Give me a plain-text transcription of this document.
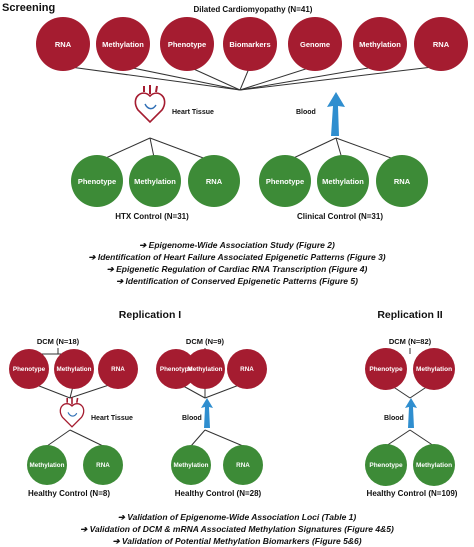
Screening	Dilated Cardiomyopathy (N=41)
RNA	Methylation	Phenotype	Biomarkers	Genome	Methylation	RNA
Heart Tissue	Blood
Phenotype Methylation	RNA
HTX Control (N=31)
Phenotype Methylation	RNA
Clinical Control (N=31)
➔ Epigenome-Wide Association Study (Figure 2)
➔ Identification of Heart Failure Associated Epigenetic Patterns (Figure 3)
➔ Epigenetic Regulation of Cardiac RNA Transcription (Figure 4)
➔ Identification of Conserved Epigenetic Patterns (Figure 5)
Replication I
DCM (N=18)	DCM (N=9)
Phenotype Methylation	RNA
Heart Tissue
Methylation	RNA
Healthy Control (N=8)
Phenotype
Methylation	RNA
Blood
Methylation	RNA
Healthy Control (N=28)
Replication II
DCM (N=82)
Phenotype Methylation
Blood
Phenotype Methylation
Healthy Control (N=109)
➔ Validation of Epigenome-Wide Association Loci (Table 1)
➔ Validation of DCM & mRNA Associated Methylation Signatures (Figure 4&5)
➔ Validation of Potential Methylation Biomarkers (Figure 5&6)
